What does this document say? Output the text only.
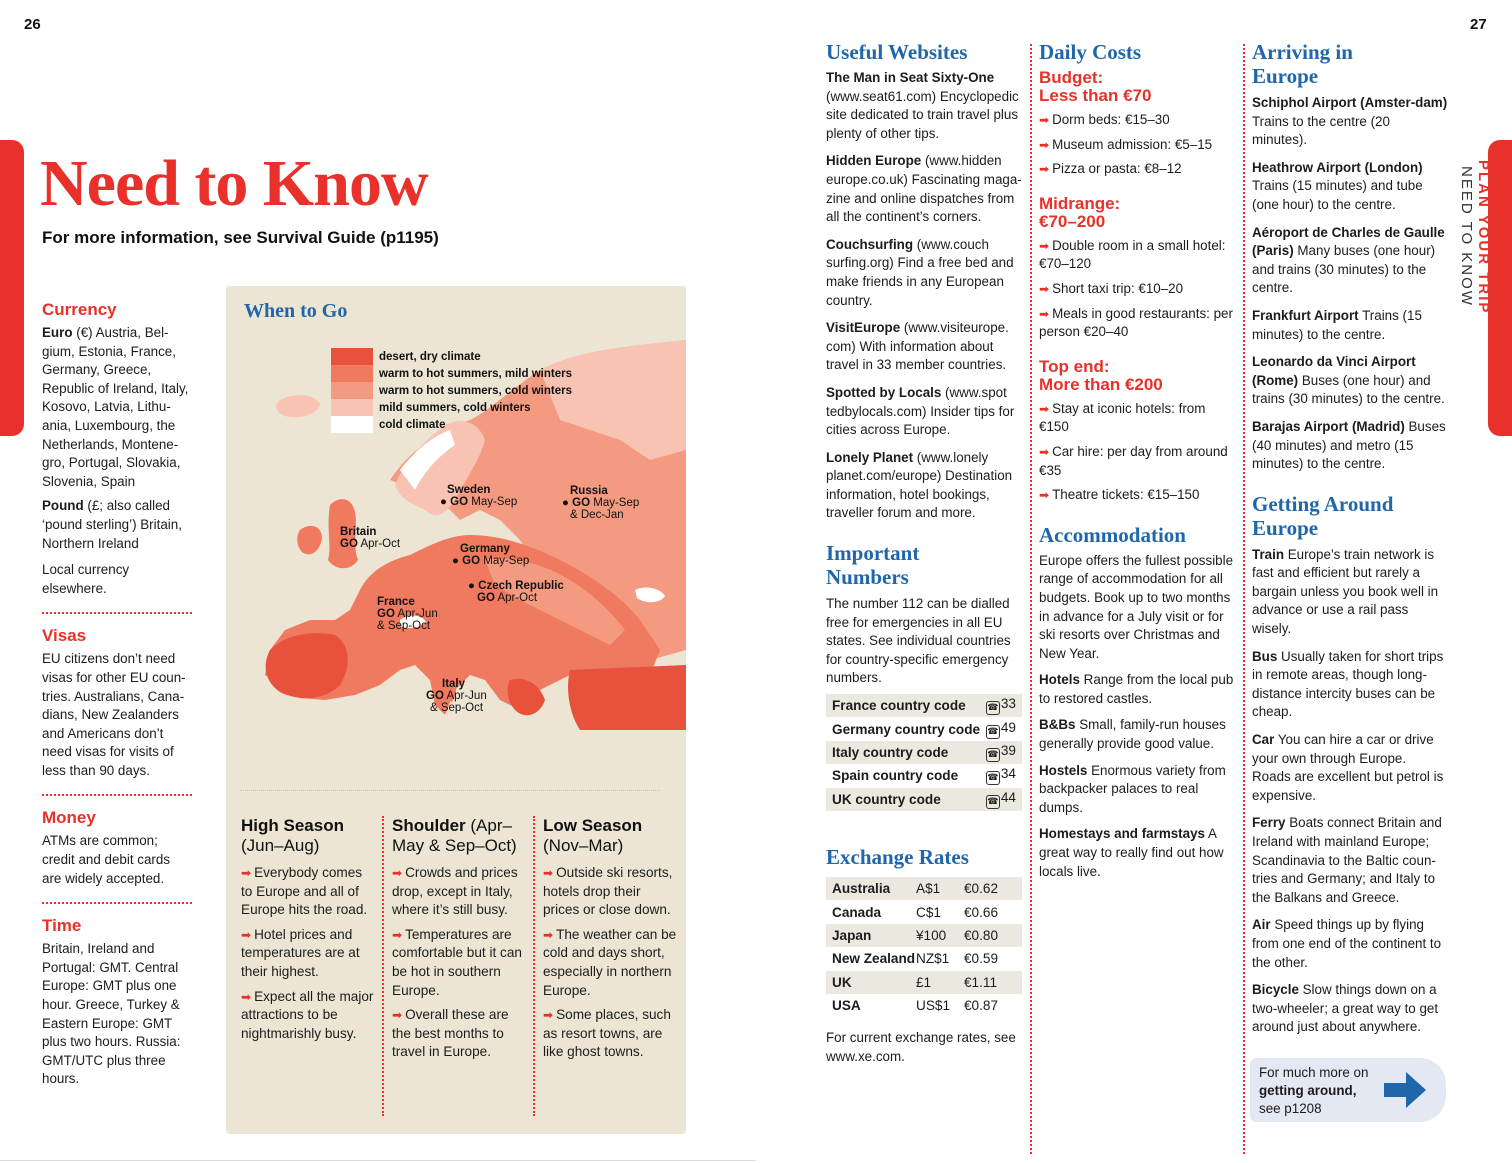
26	27
PLAN YOUR TRIP NEED TO KNOW
Need to Know
For more information, see Survival Guide (p1195)
Currency
Euro (€) Austria, Bel-gium, Estonia, France, Germany, Greece, Republic of Ireland, Italy, Kosovo, Latvia, Lithu-ania, Luxembourg, the Netherlands, Montene-gro, Portugal, Slovakia, Slovenia, Spain
Pound (£; also called ‘pound sterling’) Britain, Northern Ireland
Local currency elsewhere.
Visas
EU citizens don’t need visas for other EU coun-tries. Australians, Cana-dians, New Zealanders and Americans don’t need visas for visits of less than 90 days.
Money
ATMs are common; credit and debit cards are widely accepted.
Time
Britain, Ireland and Portugal: GMT. Central Europe: GMT plus one hour. Greece, Turkey & Eastern Europe: GMT plus two hours. Russia: GMT/UTC plus three hours.
When to Go
desert, dry climate
warm to hot summers, mild winters
warm to hot summers, cold winters
mild summers, cold winters
cold climate
Sweden
● GO May-Sep
Russia
● GO May-Sep
& Dec-Jan
Britain
GO Apr-Oct	Germany
● GO May-Sep
● Czech Republic
GO Apr-Oct
France
GO Apr-Jun
& Sep-Oct
Italy
GO Apr-Jun
& Sep-Oct
High Season (Jun–Aug)
➡ Everybody comes to Europe and all of Europe hits the road.
➡ Hotel prices and temperatures are at their highest.
➡ Expect all the major attractions to be nightmarishly busy.
Shoulder (Apr–May & Sep–Oct)
➡ Crowds and prices drop, except in Italy, where it’s still busy.
➡ Temperatures are comfortable but it can be hot in southern Europe.
➡ Overall these are the best months to travel in Europe.
Low Season
(Nov–Mar)
➡ Outside ski resorts, hotels drop their prices or close down.
➡ The weather can be cold and days short, especially in northern Europe.
➡ Some places, such as resort towns, are like ghost towns.
Useful Websites
The Man in Seat Sixty-One (www.seat61.com) Encyclopedic site dedicated to train travel plus plenty of other tips.
Hidden Europe (www.hidden europe.co.uk) Fascinating maga-zine and online dispatches from all the continent’s corners.
Couchsurfing (www.couch surfing.org) Find a free bed and make friends in any European country.
VisitEurope (www.visiteurope. com) With information about travel in 33 member countries.
Spotted by Locals (www.spot tedbylocals.com) Insider tips for cities across Europe.
Lonely Planet (www.lonely planet.com/europe) Destination information, hotel bookings, traveller forum and more.
Important Numbers
The number 112 can be dialled free for emergencies in all EU states. See individual countries for country-specific emergency numbers.
France country code	☎ 33
Germany country code ☎ 49
Italy country code	☎ 39
Spain country code	☎ 34
UK country code	☎ 44
Exchange Rates
Australia	A$1	€0.62
Canada	C$1	€0.66
Japan	¥100	€0.80
New Zealand NZ$1	€0.59
UK	£1	€1.11
USA	US$1	€0.87
For current exchange rates, see www.xe.com.
Daily Costs
Budget:
Less than €70
➡ Dorm beds: €15–30
➡ Museum admission: €5–15
➡ Pizza or pasta: €8–12
Midrange:
€70–200
➡ Double room in a small hotel: €70–120
➡ Short taxi trip: €10–20
➡ Meals in good restaurants: per person €20–40
Top end:
More than €200
➡ Stay at iconic hotels: from €150
➡ Car hire: per day from around €35
➡ Theatre tickets: €15–150
Accommodation
Europe offers the fullest possible range of accommodation for all budgets. Book up to two months in advance for a July visit or for ski resorts over Christmas and New Year.
Hotels Range from the local pub to restored castles.
B&Bs Small, family-run houses generally provide good value.
Hostels Enormous variety from backpacker palaces to real dumps.
Homestays and farmstays A great way to really find out how locals live.
Arriving in Europe
Schiphol Airport (Amster-dam) Trains to the centre (20 minutes).
Heathrow Airport (London) Trains (15 minutes) and tube (one hour) to the centre.
Aéroport de Charles de Gaulle (Paris) Many buses (one hour) and trains (30 minutes) to the centre.
Frankfurt Airport Trains (15 minutes) to the centre.
Leonardo da Vinci Airport (Rome) Buses (one hour) and trains (30 minutes) to the centre.
Barajas Airport (Madrid) Buses (40 minutes) and metro (15 minutes) to the centre.
Getting Around Europe
Train Europe’s train network is fast and efficient but rarely a bargain unless you book well in advance or use a rail pass wisely.
Bus Usually taken for short trips in remote areas, though long-distance intercity buses can be cheap.
Car You can hire a car or drive your own through Europe. Roads are excellent but petrol is expensive.
Ferry Boats connect Britain and Ireland with mainland Europe; Scandinavia to the Baltic coun-tries and Germany; and Italy to the Balkans and Greece.
Air Speed things up by flying from one end of the continent to the other.
Bicycle Slow things down on a two-wheeler; a great way to get around just about anywhere.
For much more on
getting around,
see p1208
